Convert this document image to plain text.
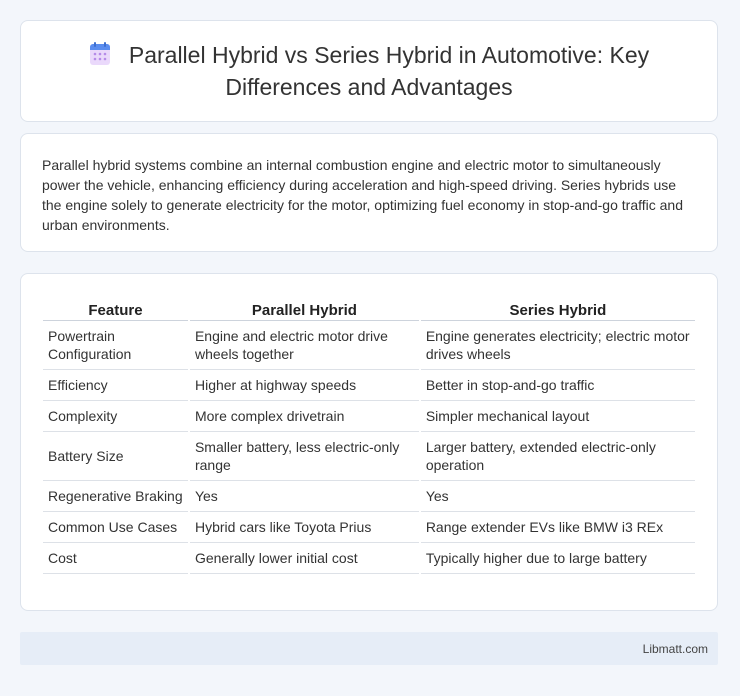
Parallel Hybrid vs Series Hybrid in Automotive: Key Differences and Advantages

Parallel hybrid systems combine an internal combustion engine and electric motor to simultaneously power the vehicle, enhancing efficiency during acceleration and high-speed driving. Series hybrids use the engine solely to generate electricity for the motor, optimizing fuel economy in stop-and-go traffic and urban environments.

Feature	Parallel Hybrid	Series Hybrid
Powertrain Configuration	Engine and electric motor drive wheels together	Engine generates electricity; electric motor drives wheels
Efficiency	Higher at highway speeds	Better in stop-and-go traffic
Complexity	More complex drivetrain	Simpler mechanical layout
Battery Size	Smaller battery, less electric-only range	Larger battery, extended electric-only operation
Regenerative Braking	Yes	Yes
Common Use Cases	Hybrid cars like Toyota Prius	Range extender EVs like BMW i3 REx
Cost	Generally lower initial cost	Typically higher due to large battery
Libmatt.com
